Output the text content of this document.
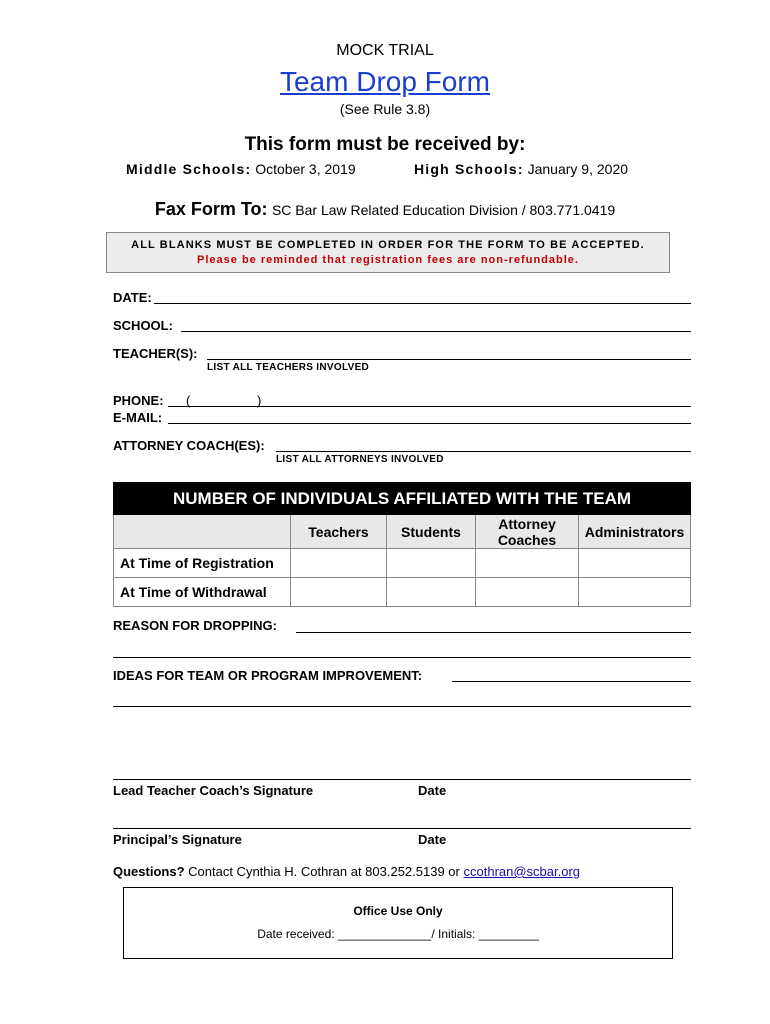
MOCK TRIAL
Team Drop Form
(See Rule 3.8)
This form must be received by:
Middle Schools: October 3, 2019	High Schools: January 9, 2020
Fax Form To: SC Bar Law Related Education Division / 803.771.0419
ALL BLANKS MUST BE COMPLETED IN ORDER FOR THE FORM TO BE ACCEPTED.
Please be reminded that registration fees are non-refundable.
DATE:
SCHOOL:
TEACHER(S):
LIST ALL TEACHERS INVOLVED
PHONE: (	)
E-MAIL:
ATTORNEY COACH(ES):
LIST ALL ATTORNEYS INVOLVED
NUMBER OF INDIVIDUALS AFFILIATED WITH THE TEAM				
	Teachers	Students	Attorney Coaches	Administrators
At Time of Registration				
At Time of Withdrawal				
REASON FOR DROPPING:
IDEAS FOR TEAM OR PROGRAM IMPROVEMENT:
Lead Teacher Coach’s Signature	Date
Principal’s Signature	Date
Questions? Contact Cynthia H. Cothran at 803.252.5139 or ccothran@scbar.org
Office Use Only
Date received: ______________/ Initials: _________
